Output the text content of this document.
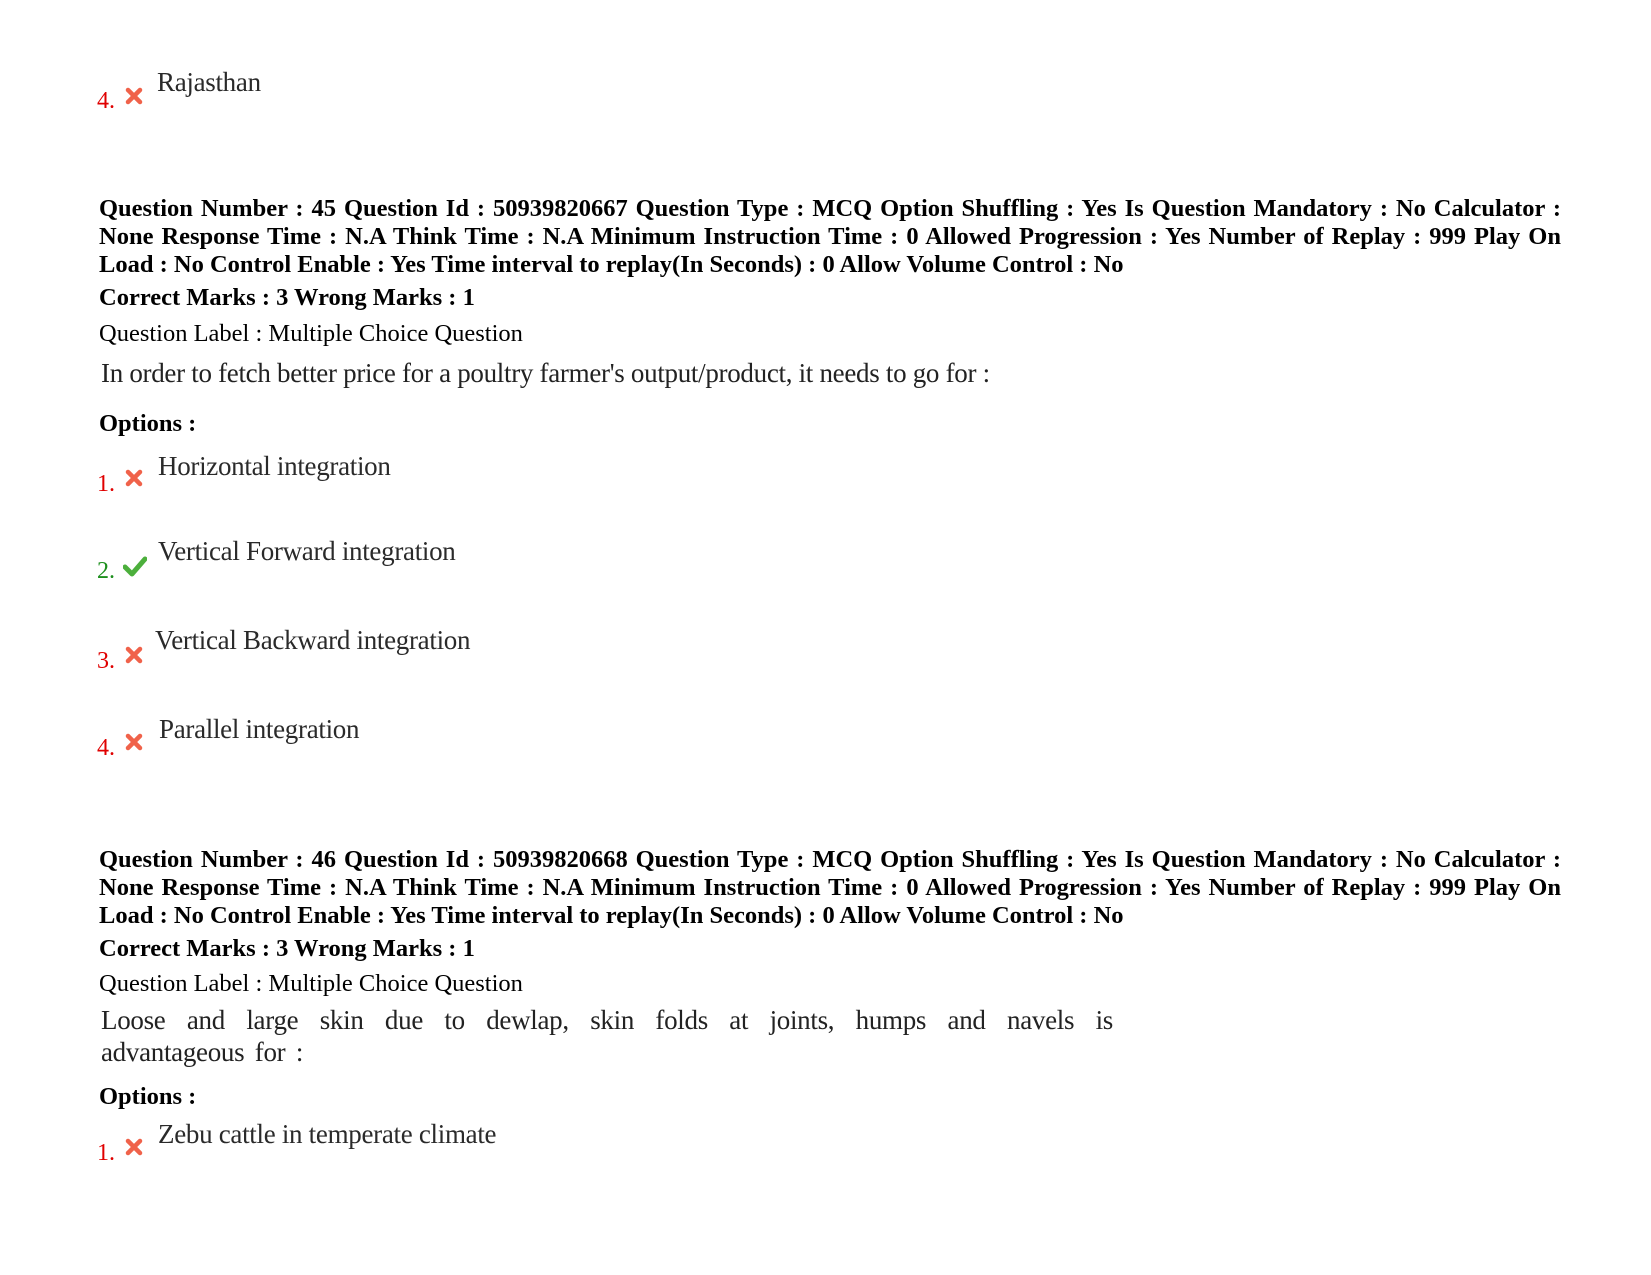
4.
Rajasthan
Question Number : 45 Question Id : 50939820667 Question Type : MCQ Option Shuffling : Yes Is Question Mandatory : No Calculator : None Response Time : N.A Think Time : N.A Minimum Instruction Time : 0 Allowed Progression : Yes Number of Replay : 999 Play On Load : No Control Enable : Yes Time interval to replay(In Seconds) : 0 Allow Volume Control : No
Correct Marks : 3 Wrong Marks : 1
Question Label : Multiple Choice Question
In order to fetch better price for a poultry farmer's output/product, it needs to go for :
Options :
1.
Horizontal integration
2.
Vertical Forward integration
3.
Vertical Backward integration
4.
Parallel integration
Question Number : 46 Question Id : 50939820668 Question Type : MCQ Option Shuffling : Yes Is Question Mandatory : No Calculator : None Response Time : N.A Think Time : N.A Minimum Instruction Time : 0 Allowed Progression : Yes Number of Replay : 999 Play On Load : No Control Enable : Yes Time interval to replay(In Seconds) : 0 Allow Volume Control : No
Correct Marks : 3 Wrong Marks : 1
Question Label : Multiple Choice Question
Loose and large skin due to dewlap, skin folds at joints, humps and navels is advantageous for :
Options :
1.
Zebu cattle in temperate climate
